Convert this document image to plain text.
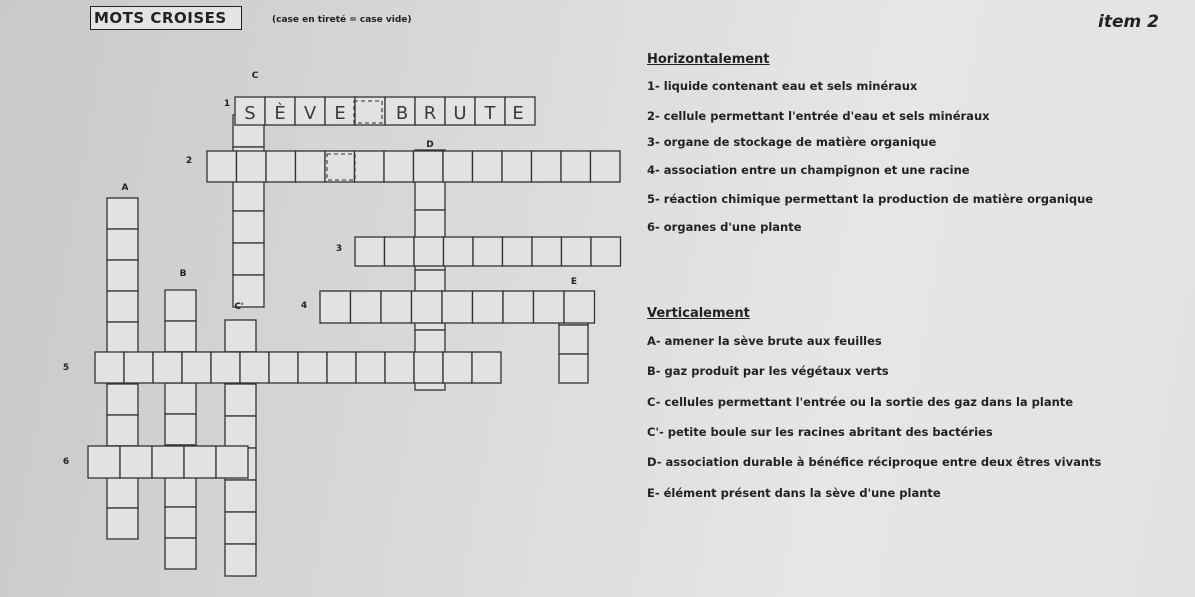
MOTS CROISES	(case en tireté = case vide)	item 2
S È V E	B R U T E
1
2
3
4
5
6
A
B
C
C'
D
E
Horizontalement
1- liquide contenant eau et sels minéraux
2- cellule permettant l'entrée d'eau et sels minéraux
3- organe de stockage de matière organique
4- association entre un champignon et une racine
5- réaction chimique permettant la production de matière organique
6- organes d'une plante
Verticalement
A- amener la sève brute aux feuilles
B- gaz produit par les végétaux verts
C- cellules permettant l'entrée ou la sortie des gaz dans la plante
C'- petite boule sur les racines abritant des bactéries
D- association durable à bénéfice réciproque entre deux êtres vivants
E- élément présent dans la sève d'une plante
